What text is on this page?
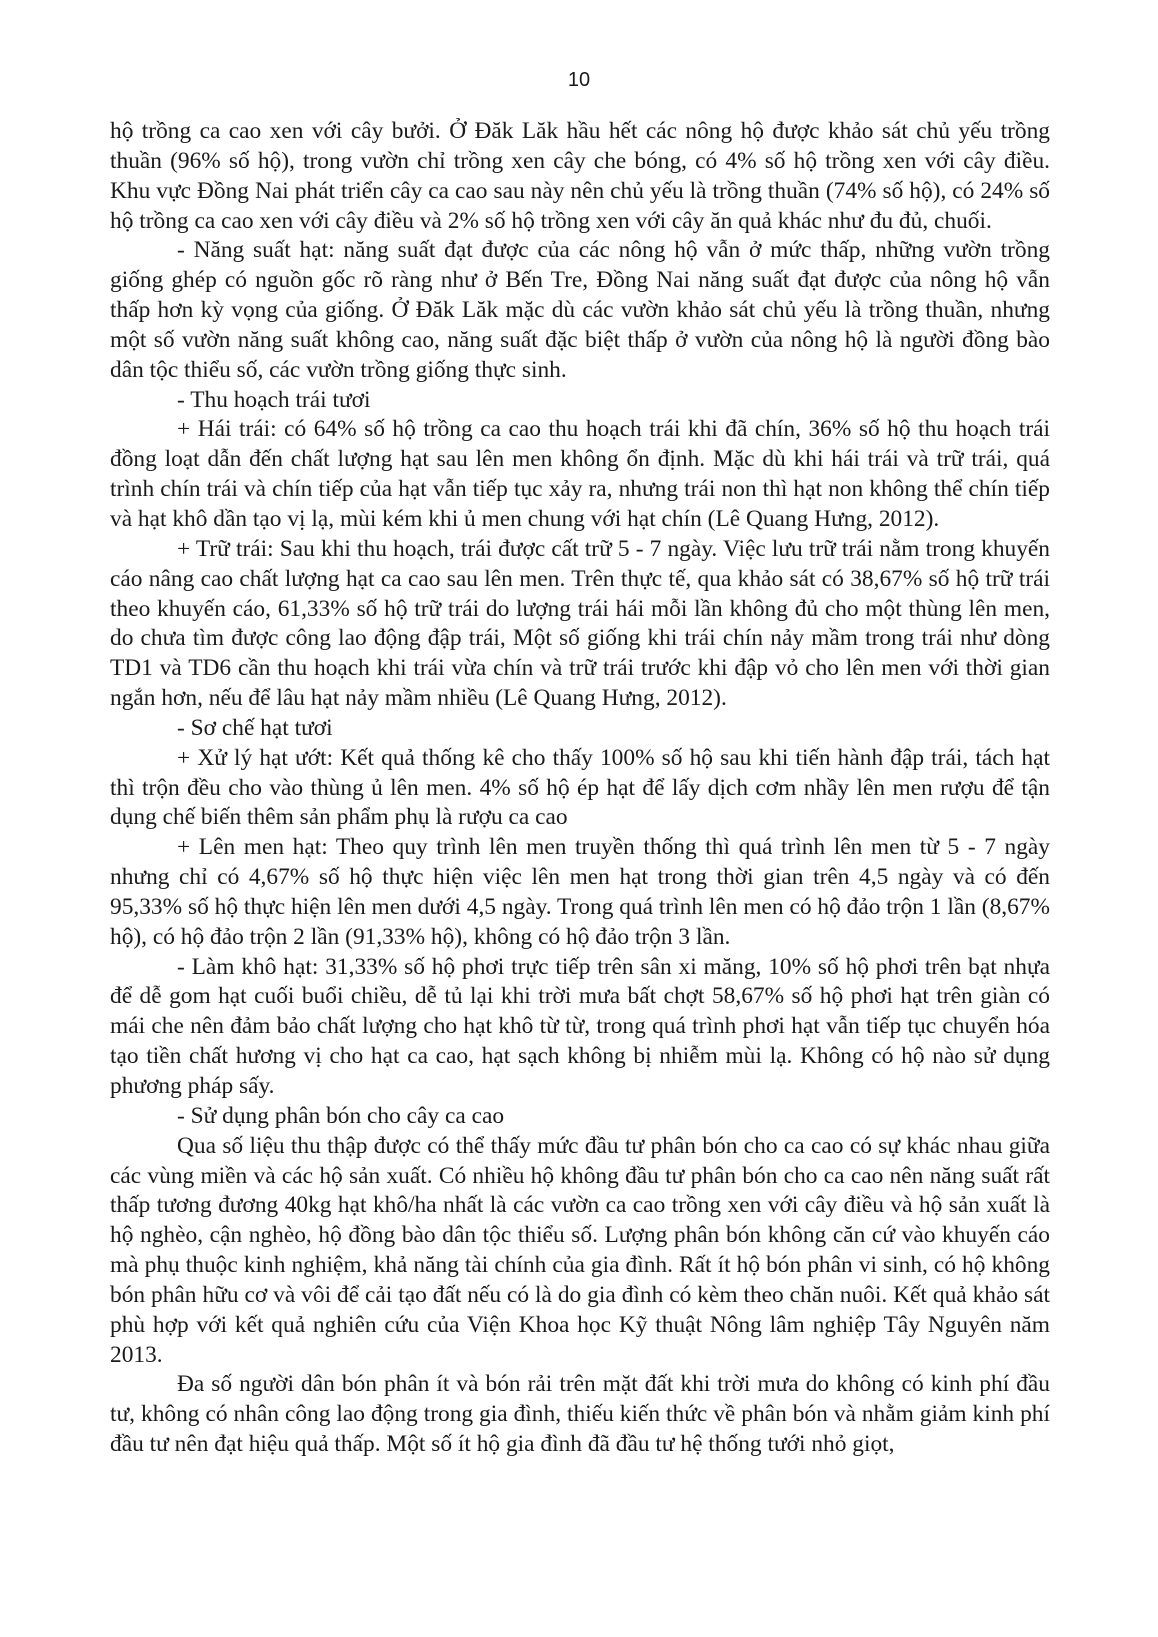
10

hộ trồng ca cao xen với cây bưởi. Ở Đăk Lăk hầu hết các nông hộ được khảo sát chủ yếu trồng thuần (96% số hộ), trong vườn chỉ trồng xen cây che bóng, có 4% số hộ trồng xen với cây điều. Khu vực Đồng Nai phát triển cây ca cao sau này nên chủ yếu là trồng thuần (74% số hộ), có 24% số hộ trồng ca cao xen với cây điều và 2% số hộ trồng xen với cây ăn quả khác như đu đủ, chuối.

- Năng suất hạt: năng suất đạt được của các nông hộ vẫn ở mức thấp, những vườn trồng giống ghép có nguồn gốc rõ ràng như ở Bến Tre, Đồng Nai năng suất đạt được của nông hộ vẫn thấp hơn kỳ vọng của giống. Ở Đăk Lăk mặc dù các vườn khảo sát chủ yếu là trồng thuần, nhưng một số vườn năng suất không cao, năng suất đặc biệt thấp ở vườn của nông hộ là người đồng bào dân tộc thiểu số, các vườn trồng giống thực sinh.

- Thu hoạch trái tươi

+ Hái trái: có 64% số hộ trồng ca cao thu hoạch trái khi đã chín, 36% số hộ thu hoạch trái đồng loạt dẫn đến chất lượng hạt sau lên men không ổn định. Mặc dù khi hái trái và trữ trái, quá trình chín trái và chín tiếp của hạt vẫn tiếp tục xảy ra, nhưng trái non thì hạt non không thể chín tiếp và hạt khô dần tạo vị lạ, mùi kém khi ủ men chung với hạt chín (Lê Quang Hưng, 2012).

+ Trữ trái: Sau khi thu hoạch, trái được cất trữ 5 - 7 ngày. Việc lưu trữ trái nằm trong khuyến cáo nâng cao chất lượng hạt ca cao sau lên men. Trên thực tế, qua khảo sát có 38,67% số hộ trữ trái theo khuyến cáo, 61,33% số hộ trữ trái do lượng trái hái mỗi lần không đủ cho một thùng lên men, do chưa tìm được công lao động đập trái, Một số giống khi trái chín nảy mầm trong trái như dòng TD1 và TD6 cần thu hoạch khi trái vừa chín và trữ trái trước khi đập vỏ cho lên men với thời gian ngắn hơn, nếu để lâu hạt nảy mầm nhiều (Lê Quang Hưng, 2012).

- Sơ chế hạt tươi

+ Xử lý hạt ướt: Kết quả thống kê cho thấy 100% số hộ sau khi tiến hành đập trái, tách hạt thì trộn đều cho vào thùng ủ lên men. 4% số hộ ép hạt để lấy dịch cơm nhầy lên men rượu để tận dụng chế biến thêm sản phẩm phụ là rượu ca cao

+ Lên men hạt: Theo quy trình lên men truyền thống thì quá trình lên men từ 5 - 7 ngày nhưng chỉ có 4,67% số hộ thực hiện việc lên men hạt trong thời gian trên 4,5 ngày và có đến 95,33% số hộ thực hiện lên men dưới 4,5 ngày. Trong quá trình lên men có hộ đảo trộn 1 lần (8,67% hộ), có hộ đảo trộn 2 lần (91,33% hộ), không có hộ đảo trộn 3 lần.

- Làm khô hạt: 31,33% số hộ phơi trực tiếp trên sân xi măng, 10% số hộ phơi trên bạt nhựa để dễ gom hạt cuối buổi chiều, dễ tủ lại khi trời mưa bất chợt 58,67% số hộ phơi hạt trên giàn có mái che nên đảm bảo chất lượng cho hạt khô từ từ, trong quá trình phơi hạt vẫn tiếp tục chuyển hóa tạo tiền chất hương vị cho hạt ca cao, hạt sạch không bị nhiễm mùi lạ. Không có hộ nào sử dụng phương pháp sấy.

- Sử dụng phân bón cho cây ca cao

Qua số liệu thu thập được có thể thấy mức đầu tư phân bón cho ca cao có sự khác nhau giữa các vùng miền và các hộ sản xuất. Có nhiều hộ không đầu tư phân bón cho ca cao nên năng suất rất thấp tương đương 40kg hạt khô/ha nhất là các vườn ca cao trồng xen với cây điều và hộ sản xuất là hộ nghèo, cận nghèo, hộ đồng bào dân tộc thiểu số. Lượng phân bón không căn cứ vào khuyến cáo mà phụ thuộc kinh nghiệm, khả năng tài chính của gia đình. Rất ít hộ bón phân vi sinh, có hộ không bón phân hữu cơ và vôi để cải tạo đất nếu có là do gia đình có kèm theo chăn nuôi. Kết quả khảo sát phù hợp với kết quả nghiên cứu của Viện Khoa học Kỹ thuật Nông lâm nghiệp Tây Nguyên năm 2013.

Đa số người dân bón phân ít và bón rải trên mặt đất khi trời mưa do không có kinh phí đầu tư, không có nhân công lao động trong gia đình, thiếu kiến thức về phân bón và nhằm giảm kinh phí đầu tư nên đạt hiệu quả thấp. Một số ít hộ gia đình đã đầu tư hệ thống tưới nhỏ giọt,
